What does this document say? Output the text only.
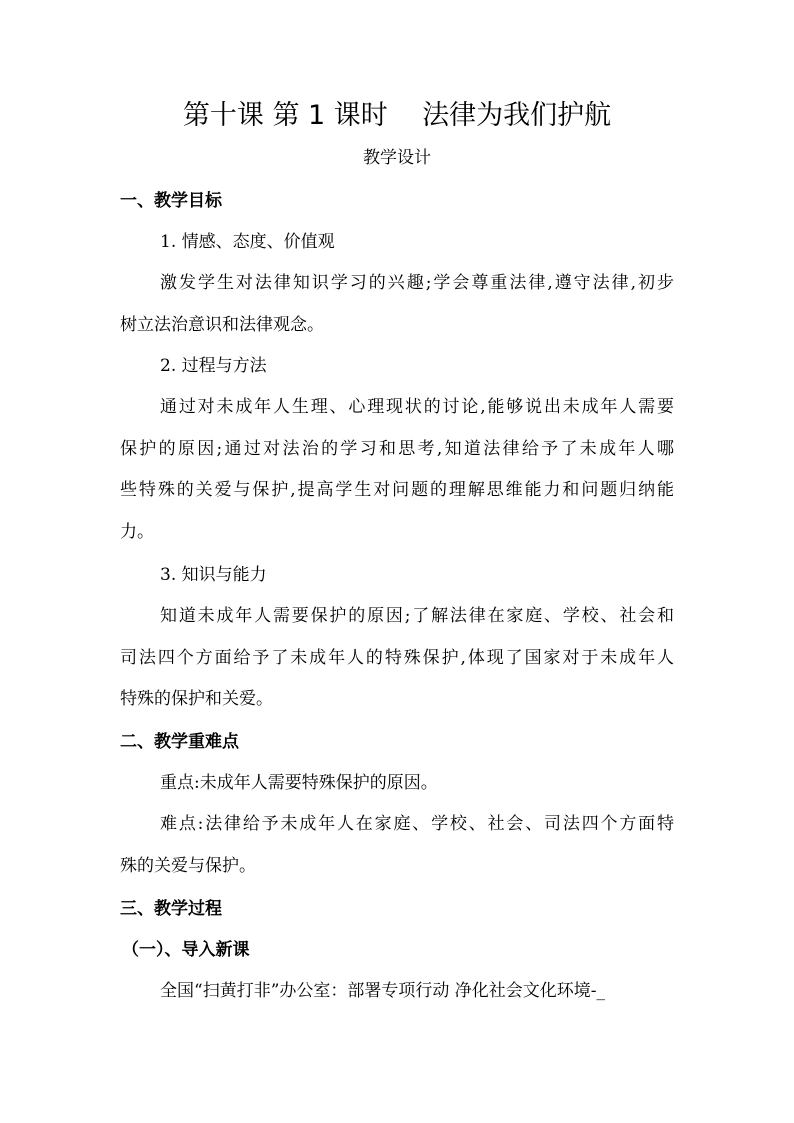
第十课 第 1 课时    法律为我们护航
教学设计
一、教学目标
1. 情感、态度、价值观
激发学生对法律知识学习的兴趣;学会尊重法律,遵守法律,初步
树立法治意识和法律观念。
2. 过程与方法
通过对未成年人生理、心理现状的讨论,能够说出未成年人需要
保护的原因;通过对法治的学习和思考,知道法律给予了未成年人哪
些特殊的关爱与保护,提高学生对问题的理解思维能力和问题归纳能
力。
3. 知识与能力
知道未成年人需要保护的原因;了解法律在家庭、学校、社会和
司法四个方面给予了未成年人的特殊保护,体现了国家对于未成年人
特殊的保护和关爱。
二、教学重难点
重点:未成年人需要特殊保护的原因。
难点:法律给予未成年人在家庭、学校、社会、司法四个方面特
殊的关爱与保护。
三、教学过程
（一）、导入新课
全国“扫黄打非”办公室：部署专项行动 净化社会文化环境-_
